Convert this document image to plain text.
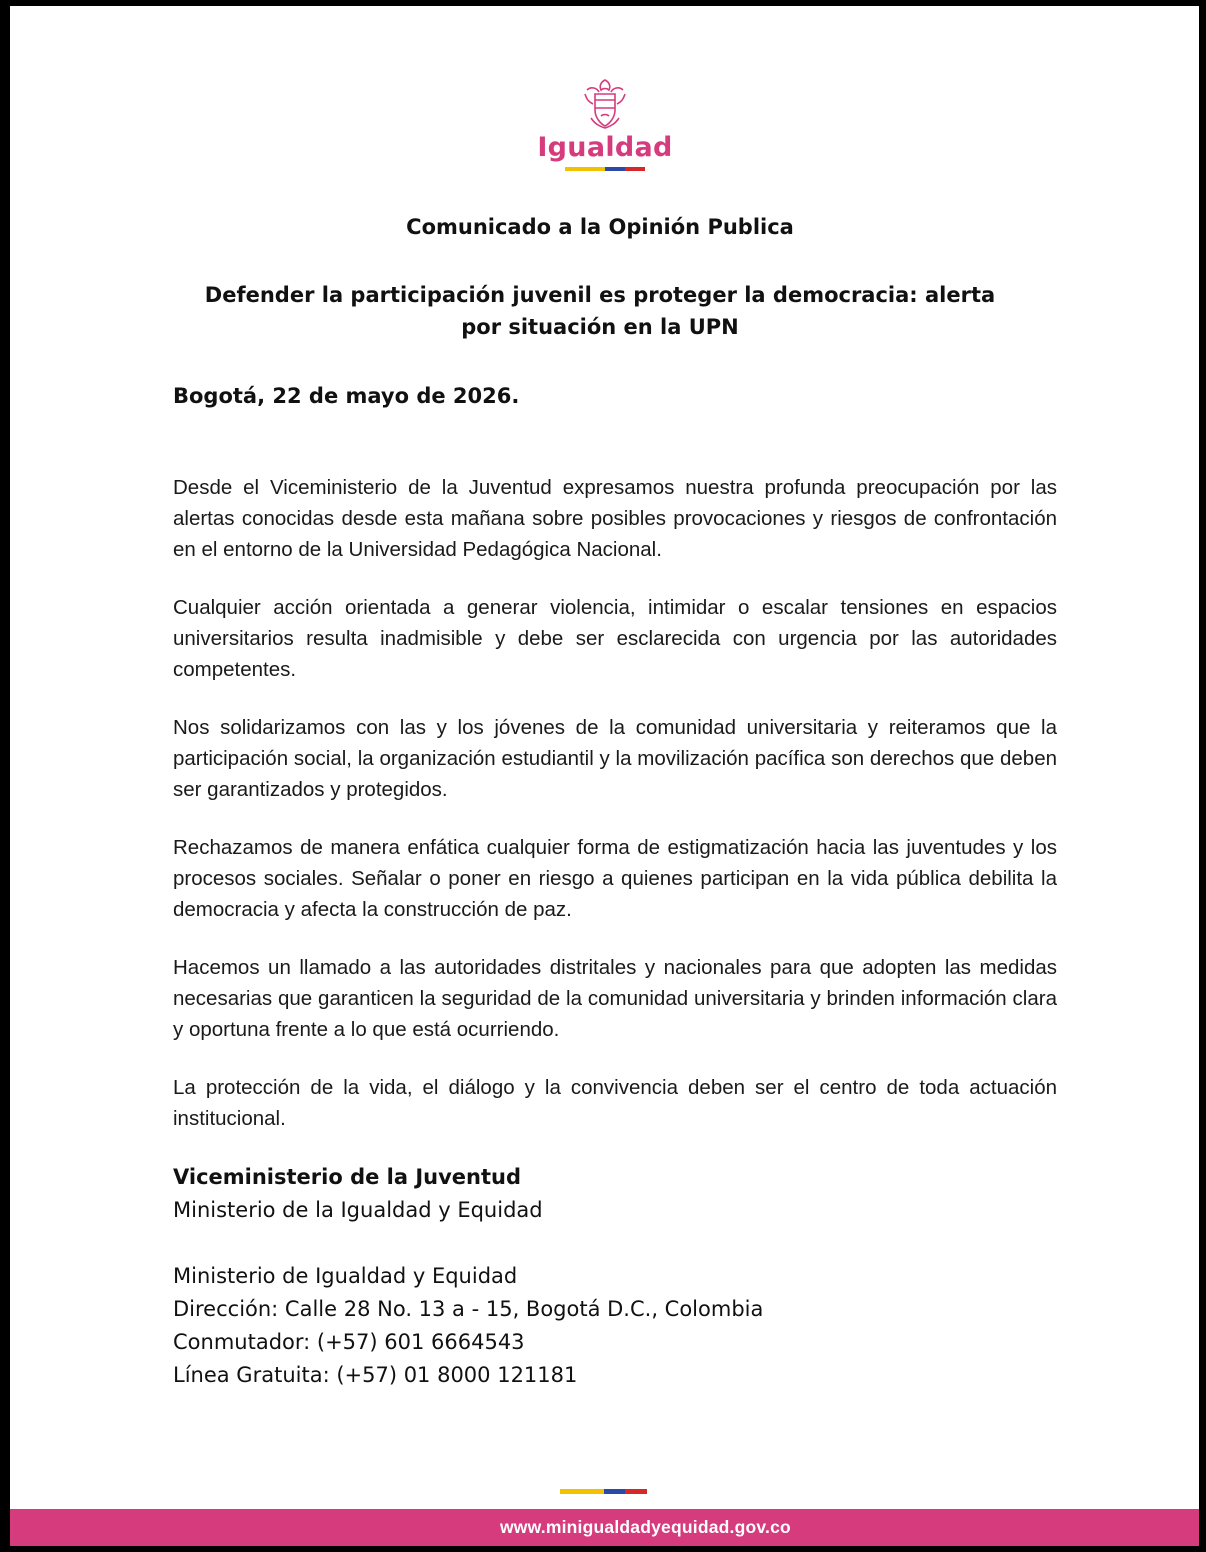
Igualdad
Comunicado a la Opinión Publica
Defender la participación juvenil es proteger la democracia: alerta
por situación en la UPN
Bogotá, 22 de mayo de 2026.

Desde el Viceministerio de la Juventud expresamos nuestra profunda preocupación por las alertas conocidas desde esta mañana sobre posibles provocaciones y riesgos de confrontación en el entorno de la Universidad Pedagógica Nacional.

Cualquier acción orientada a generar violencia, intimidar o escalar tensiones en espacios universitarios resulta inadmisible y debe ser esclarecida con urgencia por las autoridades competentes.

Nos solidarizamos con las y los jóvenes de la comunidad universitaria y reiteramos que la participación social, la organización estudiantil y la movilización pacífica son derechos que deben ser garantizados y protegidos.

Rechazamos de manera enfática cualquier forma de estigmatización hacia las juventudes y los procesos sociales. Señalar o poner en riesgo a quienes participan en la vida pública debilita la democracia y afecta la construcción de paz.

Hacemos un llamado a las autoridades distritales y nacionales para que adopten las medidas necesarias que garanticen la seguridad de la comunidad universitaria y brinden información clara y oportuna frente a lo que está ocurriendo.

La protección de la vida, el diálogo y la convivencia deben ser el centro de toda actuación institucional.

Viceministerio de la Juventud
Ministerio de la Igualdad y Equidad
Ministerio de Igualdad y Equidad
Dirección: Calle 28 No. 13 a - 15, Bogotá D.C., Colombia
Conmutador: (+57) 601 6664543
Línea Gratuita: (+57) 01 8000 121181
www.minigualdadyequidad.gov.co
